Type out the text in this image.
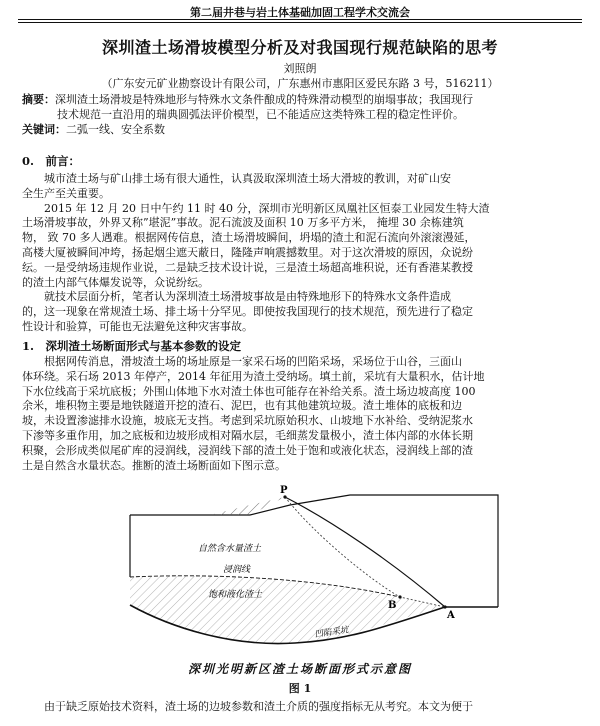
第二届井巷与岩土体基础加固工程学术交流会
深圳渣土场滑坡模型分析及对我国现行规范缺陷的思考
刘照朗
（广东安元矿业勘察设计有限公司，广东惠州市惠阳区爱民东路 3 号，516211）
摘要：深圳渣土场滑坡是特殊地形与特殊水文条件酿成的特殊滑动模型的崩塌事故；我国现行
技术规范一直沿用的瑞典圆弧法评价模型，已不能适应这类特殊工程的稳定性评价。
关键词：二弧一线、安全系数
0.　前言：
城市渣土场与矿山排土场有很大通性，认真汲取深圳渣土场大滑坡的教训，对矿山安
全生产至关重要。
2015 年 12 月 20 日中午约 11 时 40 分，深圳市光明新区凤凰社区恒泰工业园发生特大渣
土场滑坡事故，外界又称”堪泥”事故。泥石流波及面积 10 万多平方米， 掩埋 30 余栋建筑
物， 致 70 多人遇难。根据网传信息，渣土场滑坡瞬间，坍塌的渣土和泥石流向外滚滚漫延，
高楼大厦被瞬间冲垮，扬起烟尘遮天蔽日，隆隆声响震撼数里。对于这次滑坡的原因，众说纷
纭。一是受纳场违规作业说，二是缺乏技术设计说，三是渣土场超高堆积说，还有香港某教授
的渣土内部气体爆发说等，众说纷纭。
就技术层面分析，笔者认为深圳渣土场滑坡事故是由特殊地形下的特殊水文条件造成
的，这一现象在常规渣土场、排土场十分罕见。即使按我国现行的技术规范，预先进行了稳定
性设计和验算，可能也无法避免这种灾害事故。
1.　深圳渣土场断面形式与基本参数的设定
根据网传消息，滑坡渣土场的场址原是一家采石场的凹陷采场，采场位于山谷，三面山
体环绕。采石场 2013 年停产，2014 年征用为渣土受纳场。填土前，采坑有大量积水，估计地
下水位线高于采坑底板；外围山体地下水对渣土体也可能存在补给关系。渣土场边坡高度 100
余米，堆积物主要是地铁隧道开挖的渣石、泥巴，也有其他建筑垃圾。渣土堆体的底板和边
坡，未设置渗滤排水设施，坡底无支挡。考虑到采坑原始积水、山坡地下水补给、受纳泥浆水
下渗等多重作用，加之底板和边坡形成相对隔水层，毛细蒸发量极小，渣土体内部的水体长期
积聚，会形成类似尾矿库的浸润线，浸润线下部的渣土处于饱和或液化状态，浸润线上部的渣
土是自然含水量状态。推断的渣土场断面如下图示意。
P
B
A
自然含水量渣土
浸润线
饱和液化渣土
凹陷采坑
深圳光明新区渣土场断面形式示意图
图 1
由于缺乏原始技术资料，渣土场的边坡参数和渣土介质的强度指标无从考究。本文为便于
